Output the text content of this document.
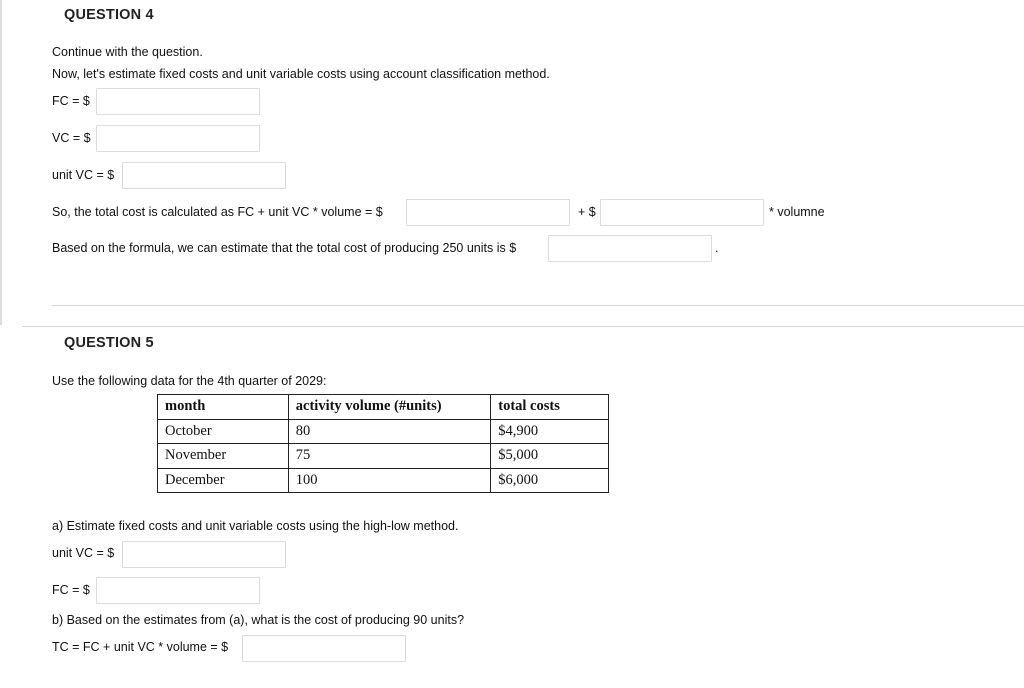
QUESTION 4
Continue with the question.
Now, let's estimate fixed costs and unit variable costs using account classification method.
FC = $
VC = $
unit VC = $
So, the total cost is calculated as FC + unit VC * volume = $	+ $	* volumne
Based on the formula, we can estimate that the total cost of producing 250 units is $	.
QUESTION 5
Use the following data for the 4th quarter of 2029:
month	activity volume (#units)	total costs
October	80	$4,900
November	75	$5,000
December	100	$6,000
a) Estimate fixed costs and unit variable costs using the high-low method.
unit VC = $
FC = $
b) Based on the estimates from (a), what is the cost of producing 90 units?
TC = FC + unit VC * volume = $
